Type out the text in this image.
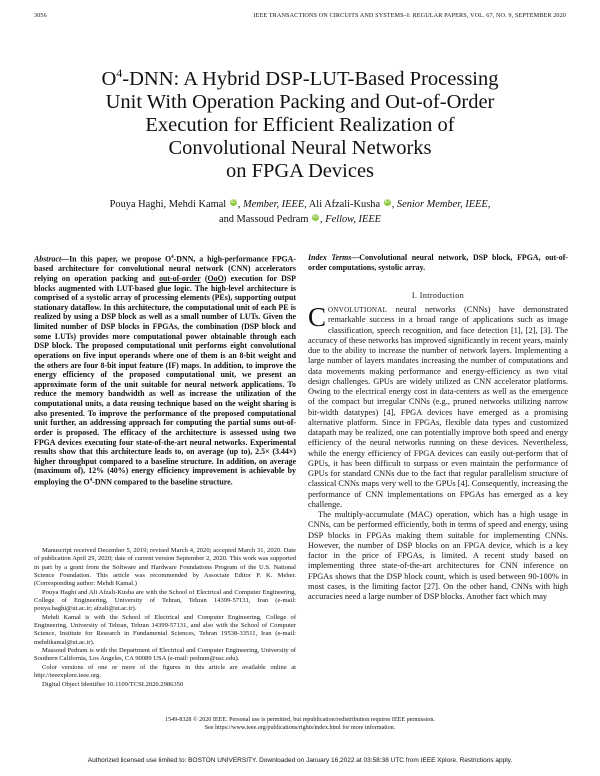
3056	IEEE TRANSACTIONS ON CIRCUITS AND SYSTEMS–I: REGULAR PAPERS, VOL. 67, NO. 9, SEPTEMBER 2020
$O^4$-DNN: A Hybrid DSP-LUT-Based Processing
Unit With Operation Packing and Out-of-Order
Execution for Efficient Realization of
Convolutional Neural Networks
on FPGA Devices
Pouya Haghi, Mehdi Kamal iD , Member, IEEE, Ali Afzali-Kusha iD , Senior Member, IEEE,
and Massoud Pedram iD , Fellow, IEEE
Abstract—In this paper, we propose $O^4$-DNN, a high-performance FPGA-based architecture for convolutional neural network (CNN) accelerators relying on operation packing and out-of-order (OoO) execution for DSP blocks augmented with LUT-based glue logic. The high-level architecture is comprised of a systolic array of processing elements (PEs), supporting output stationary dataflow. In this architecture, the computational unit of each PE is realized by using a DSP block as well as a small number of LUTs. Given the limited number of DSP blocks in FPGAs, the combination (DSP block and some LUTs) provides more computational power obtainable through each DSP block. The proposed computational unit performs eight convolutional operations on five input operands where one of them is an 8-bit weight and the others are four 8-bit input feature (IF) maps. In addition, to improve the energy efficiency of the proposed computational unit, we present an approximate form of the unit suitable for neural network applications. To reduce the memory bandwidth as well as increase the utilization of the computational units, a data reusing technique based on the weight sharing is also presented. To improve the performance of the proposed computational unit further, an addressing approach for computing the partial sums out-of-order is proposed. The efficacy of the architecture is assessed using two FPGA devices executing four state-of-the-art neural networks. Experimental results show that this architecture leads to, on average (up to), 2.5× (3.44×) higher throughput compared to a baseline structure. In addition, on average (maximum of), 12% (40%) energy efficiency improvement is achievable by employing the $O^4$-DNN compared to the baseline structure.

Manuscript received December 5, 2019; revised March 4, 2020; accepted March 31, 2020. Date of publication April 29, 2020; date of current version September 2, 2020. This work was supported in part by a grant from the Software and Hardware Foundations Program of the U.S. National Science Foundation. This article was recommended by Associate Editor P. K. Meher. (Corresponding author: Mehdi Kamal.)

Pouya Haghi and Ali Afzali-Kusha are with the School of Electrical and Computer Engineering, College of Engineering, University of Tehran, Tehran 14399-57131, Iran (e-mail: pouya.haghi@ut.ac.ir; afzali@ut.ac.ir).

Mehdi Kamal is with the School of Electrical and Computer Engineering, College of Engineering, University of Tehran, Tehran 14399-57131, and also with the School of Computer Science, Institute for Research in Fundamental Sciences, Tehran 19538-33511, Iran (e-mail: mehdikamal@ut.ac.ir).

Massoud Pedram is with the Department of Electrical and Computer Engineering, University of Southern California, Los Angeles, CA 90089 USA (e-mail: pedram@usc.edu).

Color versions of one or more of the figures in this article are available online at http://ieeexplore.ieee.org.

Digital Object Identifier 10.1109/TCSI.2020.2986350

Index Terms—Convolutional neural network, DSP block, FPGA, out-of-order computations, systolic array.
I. Introduction

CONVOLUTIONAL neural networks (CNNs) have demonstrated remarkable success in a broad range of applications such as image classification, speech recognition, and face detection [1], [2], [3]. The accuracy of these networks has improved significantly in recent years, mainly due to the ability to increase the number of network layers. Implementing a large number of layers mandates increasing the number of computations and data movements making performance and energy-efficiency as two vital design challenges. GPUs are widely utilized as CNN accelerator platforms. Owing to the electrical energy cost in data-centers as well as the emergence of the compact but irregular CNNs (e.g., pruned networks utilizing narrow bit-width datatypes) [4], FPGA devices have emerged as a promising alternative platform. Since in FPGAs, flexible data types and customized datapath may be realized, one can potentially improve both speed and energy efficiency of the neural networks running on these devices. Nevertheless, while the energy efficiency of FPGA devices can easily out-perform that of GPUs, it has been difficult to surpass or even maintain the performance of GPUs for standard CNNs due to the fact that regular parallelism structure of classical CNNs maps very well to the GPUs [4]. Consequently, increasing the performance of CNN implementations on FPGAs has emerged as a key challenge.

The multiply-accumulate (MAC) operation, which has a high usage in CNNs, can be performed efficiently, both in terms of speed and energy, using DSP blocks in FPGAs making them suitable for implementing CNNs. However, the number of DSP blocks on an FPGA device, which is a key factor in the price of FPGAs, is limited. A recent study based on implementing three state-of-the-art architectures for CNN inference on FPGAs shows that the DSP block count, which is used between 90-100% in most cases, is the limiting factor [27]. On the other hand, CNNs with high accuracies need a large number of DSP blocks. Another fact which may

1549-8328 © 2020 IEEE. Personal use is permitted, but republication/redistribution requires IEEE permission.
See https://www.ieee.org/publications/rights/index.html for more information.
Authorized licensed use limited to: BOSTON UNIVERSITY. Downloaded on January 16,2022 at 03:58:38 UTC from IEEE Xplore. Restrictions apply.
